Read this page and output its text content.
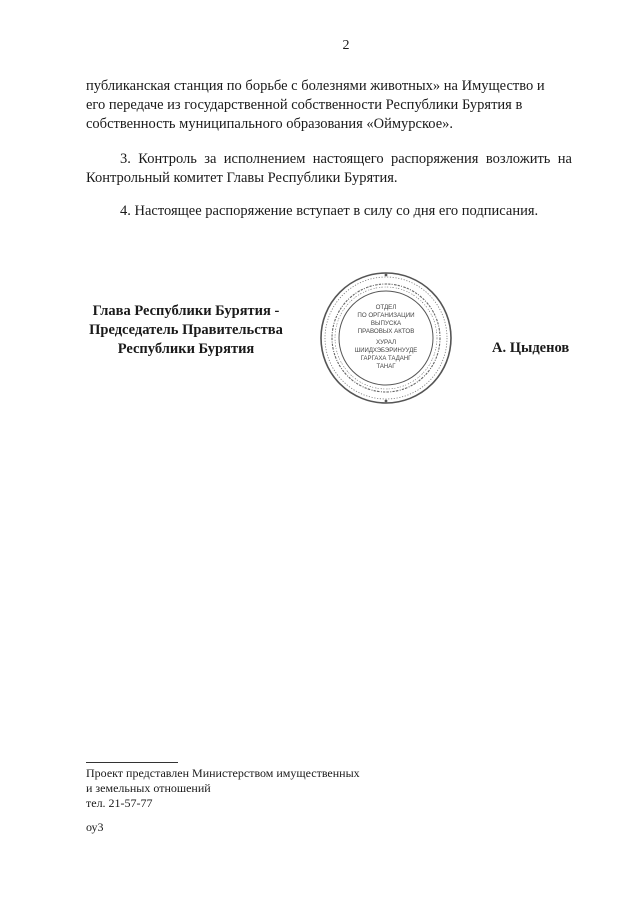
2
публиканская станция по борьбе с болезнями животных» на Имущество и
его передаче из государственной собственности Республики Бурятия в
собственность муниципального образования «Оймурское».
3. Контроль за исполнением настоящего распоряжения возложить на Контрольный комитет Главы Республики Бурятия.
4. Настоящее распоряжение вступает в силу со дня его подписания.
Глава Республики Бурятия -
Председатель Правительства
Республики Бурятия
ОТДЕЛ
ПО ОРГАНИЗАЦИИ
ВЫПУСКА
ПРАВОВЫХ АКТОВ
ХУРАЛ
ШИИДХЭБЭРИНУУДЕ
ГАРГАХА ТАДАНГ
ТАНАГ
А. Цыденов
Проект представлен Министерством имущественных
и земельных отношений
тел. 21-57-77
оу3
